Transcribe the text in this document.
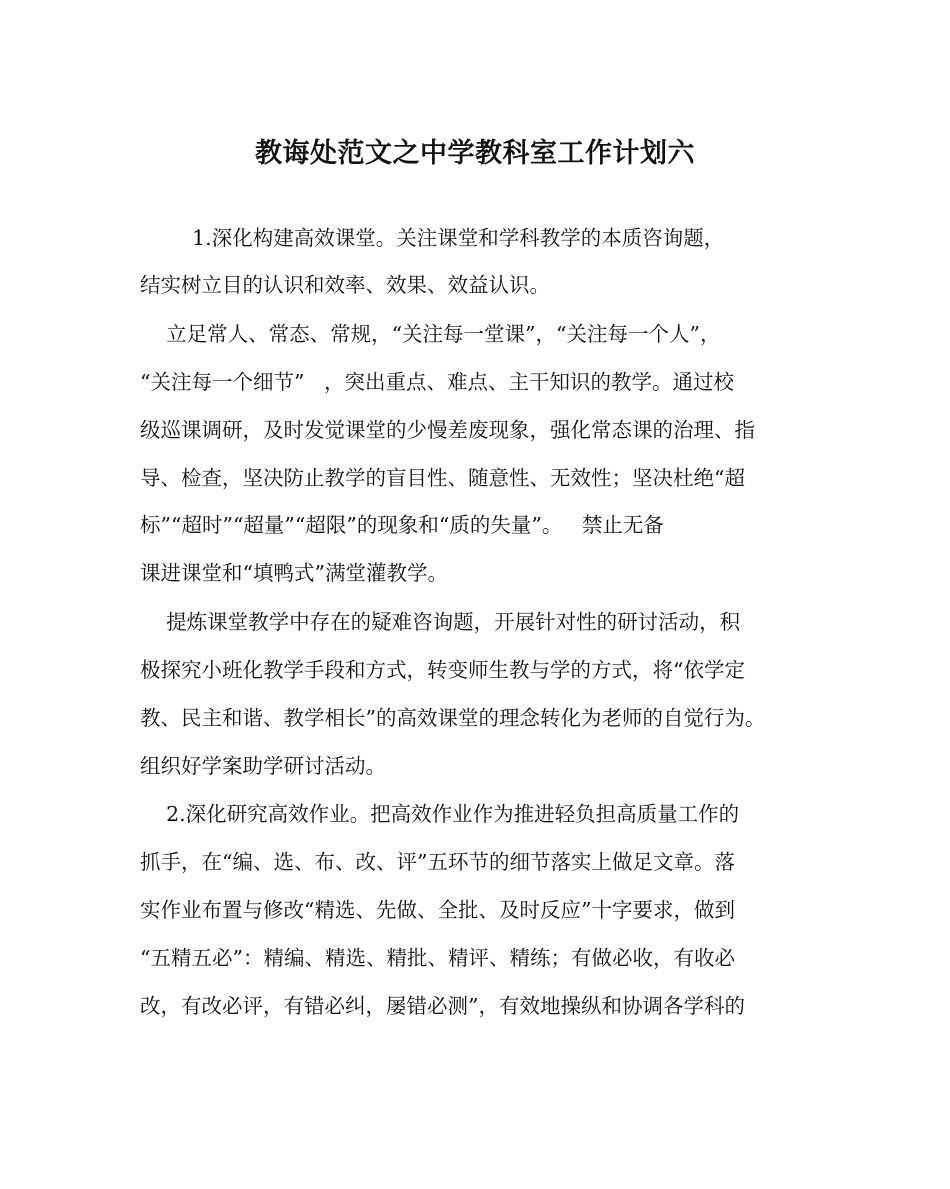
教诲处范文之中学教科室工作计划六
1.深化构建高效课堂。关注课堂和学科教学的本质咨询题，
结实树立目的认识和效率、效果、效益认识。
立足常人、常态、常规，“关注每一堂课”，“关注每一个人”，
“关注每一个细节”   ，突出重点、难点、主干知识的教学。通过校
级巡课调研，及时发觉课堂的少慢差废现象，强化常态课的治理、指
导、检查，坚决防止教学的盲目性、随意性、无效性；坚决杜绝“超
标”“超时”“超量”“超限”的现象和“质的失量”。   禁止无备
课进课堂和“填鸭式”满堂灌教学。
提炼课堂教学中存在的疑难咨询题，开展针对性的研讨活动，积
极探究小班化教学手段和方式，转变师生教与学的方式，将“依学定
教、民主和谐、教学相长”的高效课堂的理念转化为老师的自觉行为。
组织好学案助学研讨活动。
2.深化研究高效作业。把高效作业作为推进轻负担高质量工作的
抓手，在“编、选、布、改、评”五环节的细节落实上做足文章。落
实作业布置与修改“精选、先做、全批、及时反应”十字要求，做到
“五精五必”：精编、精选、精批、精评、精练；有做必收，有收必
改，有改必评，有错必纠，屡错必测”，有效地操纵和协调各学科的
